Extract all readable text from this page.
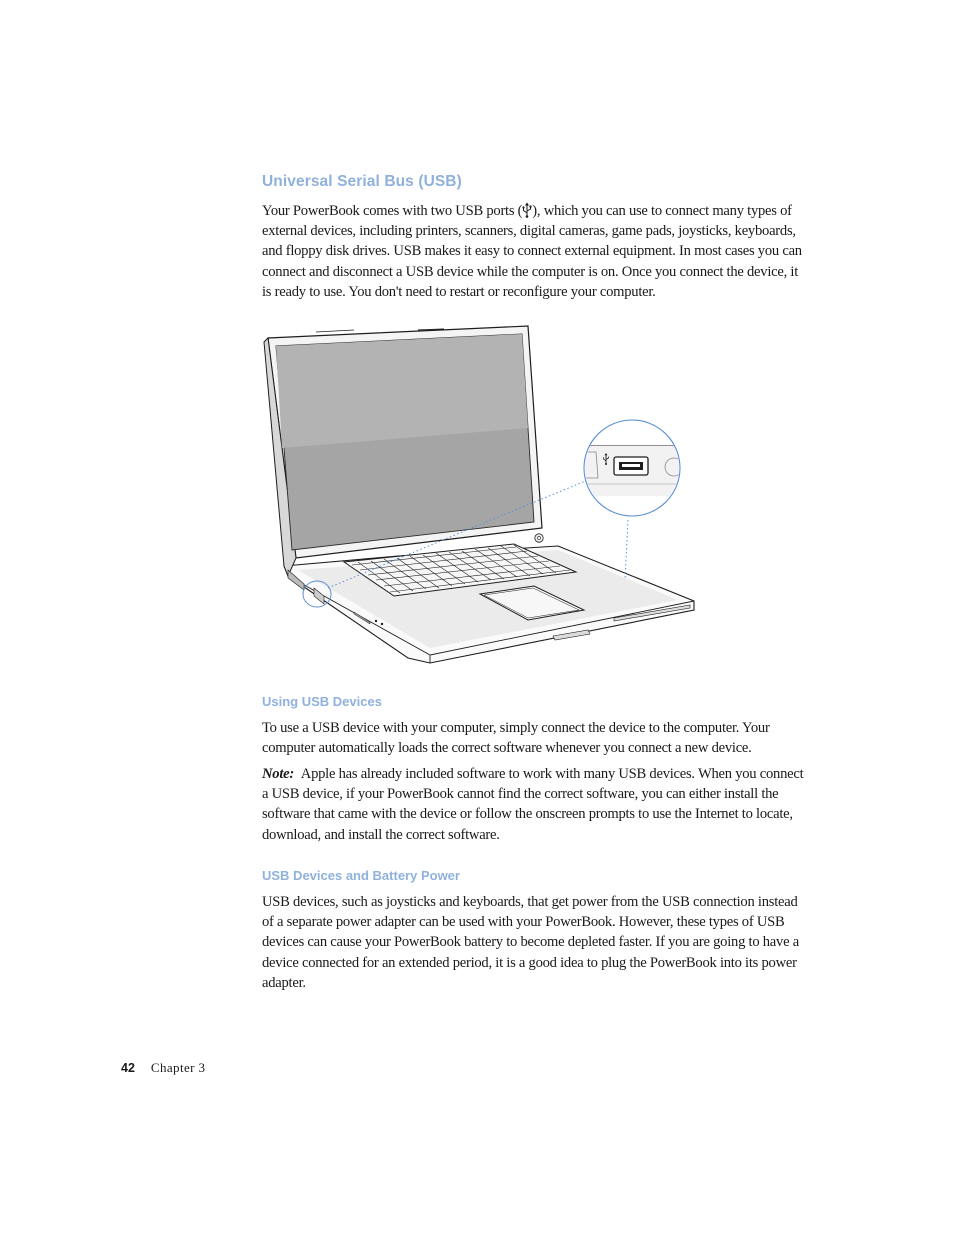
Universal Serial Bus (USB)

Your PowerBook comes with two USB ports ( ), which you can use to connect many types of external devices, including printers, scanners, digital cameras, game pads, joysticks, keyboards, and floppy disk drives. USB makes it easy to connect external equipment. In most cases you can connect and disconnect a USB device while the computer is on. Once you connect the device, it is ready to use. You don't need to restart or reconfigure your computer.

Using USB Devices

To use a USB device with your computer, simply connect the device to the computer. Your computer automatically loads the correct software whenever you connect a new device.

Note: Apple has already included software to work with many USB devices. When you connect a USB device, if your PowerBook cannot find the correct software, you can either install the software that came with the device or follow the onscreen prompts to use the Internet to locate, download, and install the correct software.

USB Devices and Battery Power

USB devices, such as joysticks and keyboards, that get power from the USB connection instead of a separate power adapter can be used with your PowerBook. However, these types of USB devices can cause your PowerBook battery to become depleted faster. If you are going to have a device connected for an extended period, it is a good idea to plug the PowerBook into its power adapter.

42 Chapter 3
